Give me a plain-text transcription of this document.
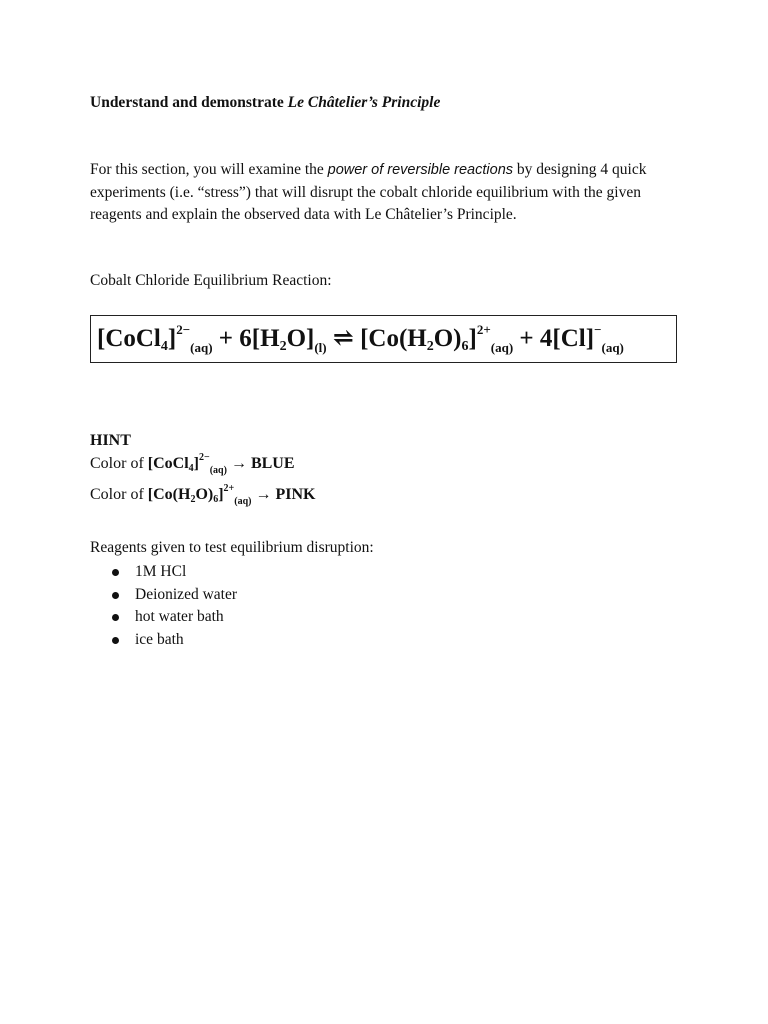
Understand and demonstrate Le Châtelier’s Principle
For this section, you will examine the power of reversible reactions by designing 4 quick
experiments (i.e. “stress”) that will disrupt the cobalt chloride equilibrium with the given
reagents and explain the observed data with Le Châtelier’s Principle.
Cobalt Chloride Equilibrium Reaction:
[CoCl$_4$]$^{2-}_{(aq)}$ + $6[H_2O]_{(l)}$ ⇌ $[Co(H_2O)_6]^{2+}_{(aq)} + 4[Cl]^-_{(aq)}$
HINT
Color of [CoCl$_4$]$^{2-}_{(aq)}$ → BLUE
Color of $[Co(H_2O)_6]^{2+}_{(aq)}$ → PINK
Reagents given to test equilibrium disruption:
1M HCl
Deionized water
hot water bath
ice bath
